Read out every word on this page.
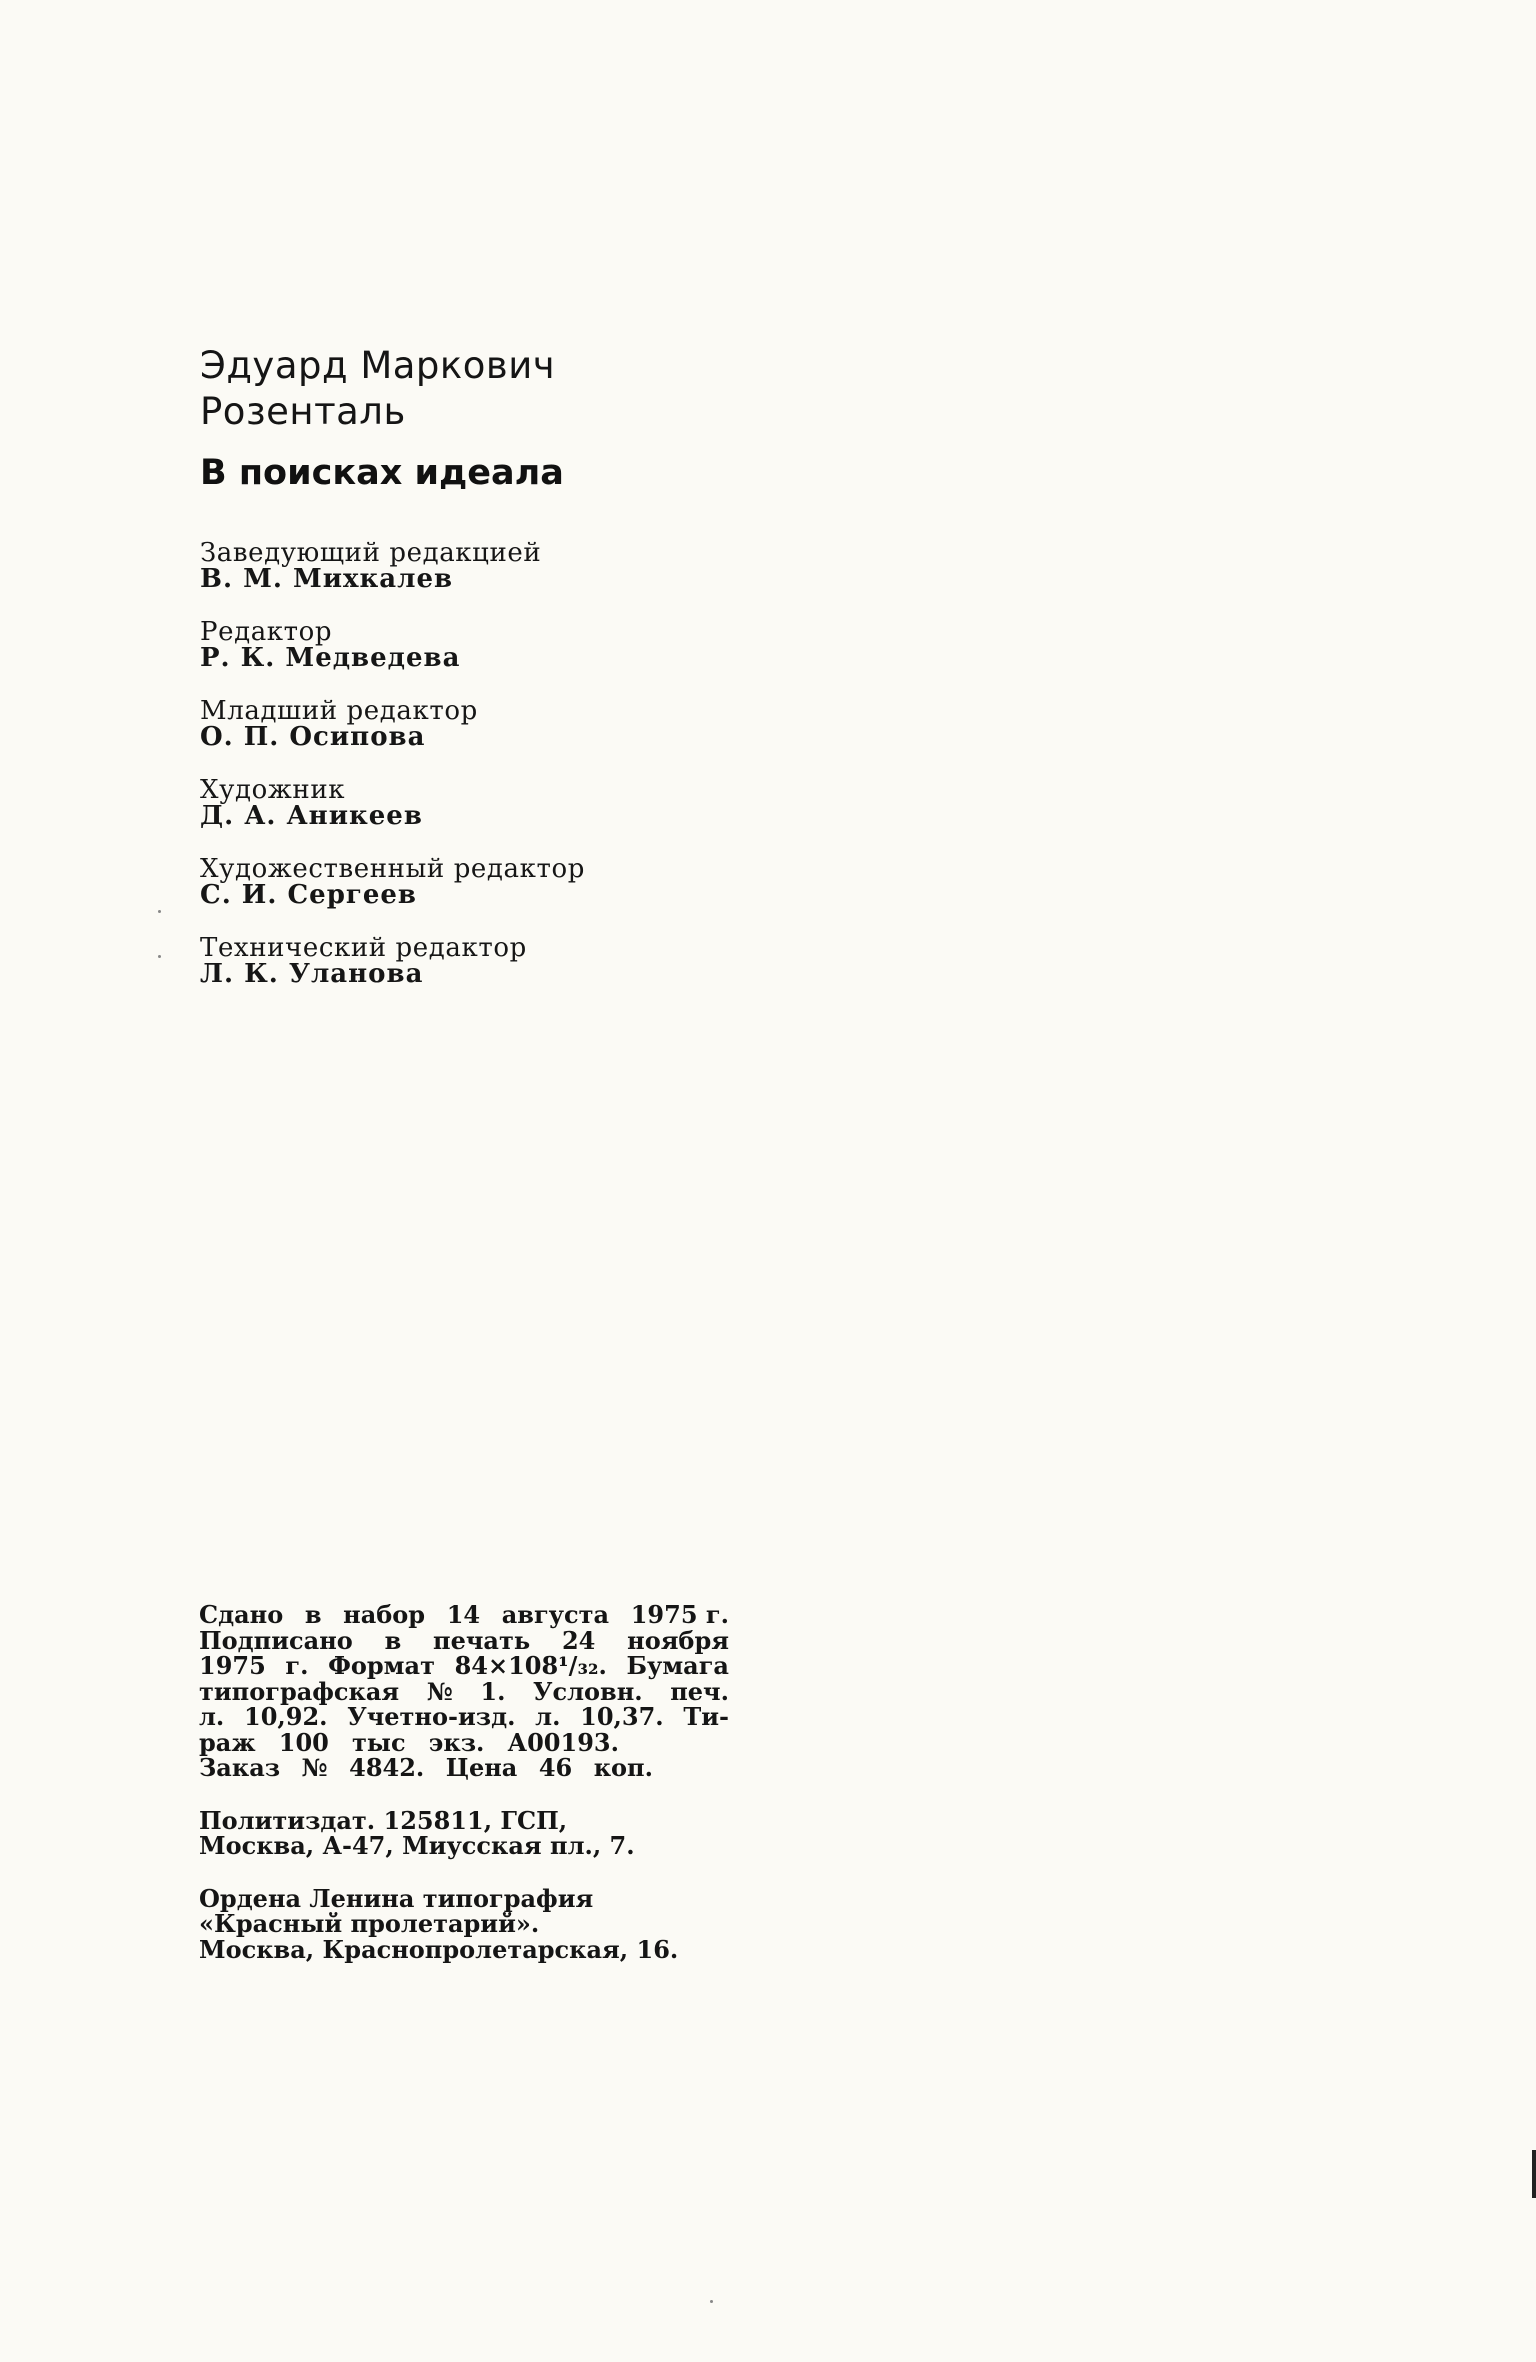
Эдуард Маркович
Розенталь
В поисках идеала
Заведующий редакцией
В. М. Михкалев
Редактор
Р. К. Медведева
Младший редактор
О. П. Осипова
Художник
Д. А. Аникеев
Художественный редактор
С. И. Сергеев
Технический редактор
Л. К. Уланова
Сдано в набор 14 августа 1975 г.
Подписано в печать 24 ноября
1975 г. Формат 84×108¹/₃₂. Бумага
типографская № 1. Условн. печ.
л. 10,92. Учетно-изд. л. 10,37. Ти-
раж 100 тыс экз. А00193.
Заказ № 4842. Цена 46 коп.
Политиздат. 125811, ГСП,
Москва, А-47, Миусская пл., 7.
Ордена Ленина типография
«Красный пролетарий».
Москва, Краснопролетарская, 16.
